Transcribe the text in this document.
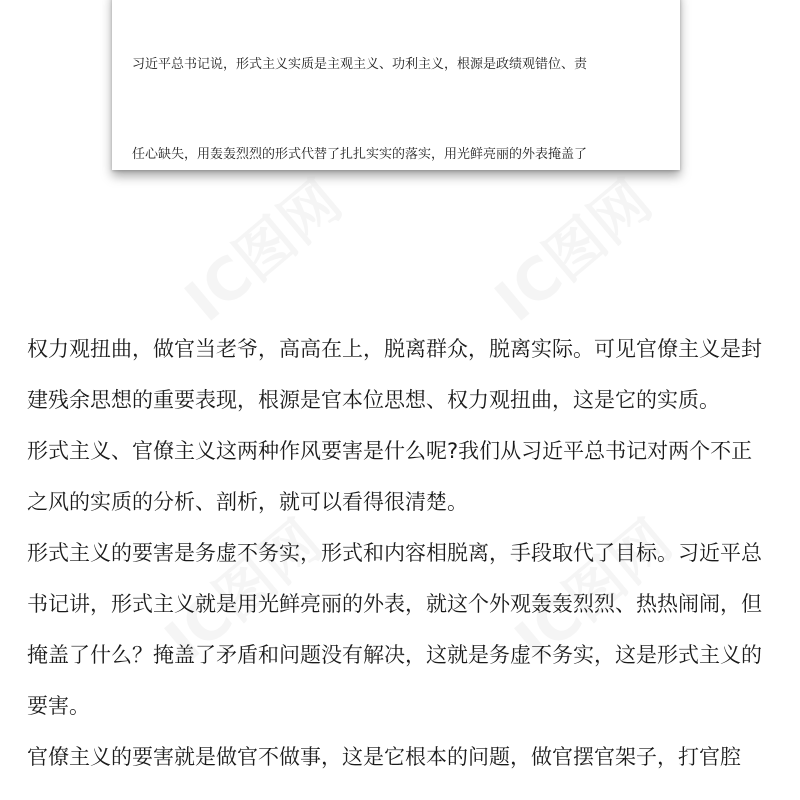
习近平总书记说，形式主义实质是主观主义、功利主义，根源是政绩观错位、责

任心缺失，用轰轰烈烈的形式代替了扎扎实实的落实，用光鲜亮丽的外表掩盖了

IC图网 IC图网
IC图网	IC图网
权力观扭曲，做官当老爷，高高在上，脱离群众，脱离实际。可见官僚主义是封
建残余思想的重要表现，根源是官本位思想、权力观扭曲，这是它的实质。
形式主义、官僚主义这两种作风要害是什么呢?我们从习近平总书记对两个不正
之风的实质的分析、剖析，就可以看得很清楚。
形式主义的要害是务虚不务实，形式和内容相脱离，手段取代了目标。习近平总
书记讲，形式主义就是用光鲜亮丽的外表，就这个外观轰轰烈烈、热热闹闹，但
掩盖了什么？掩盖了矛盾和问题没有解决，这就是务虚不务实，这是形式主义的
要害。
官僚主义的要害就是做官不做事，这是它根本的问题，做官摆官架子，打官腔
